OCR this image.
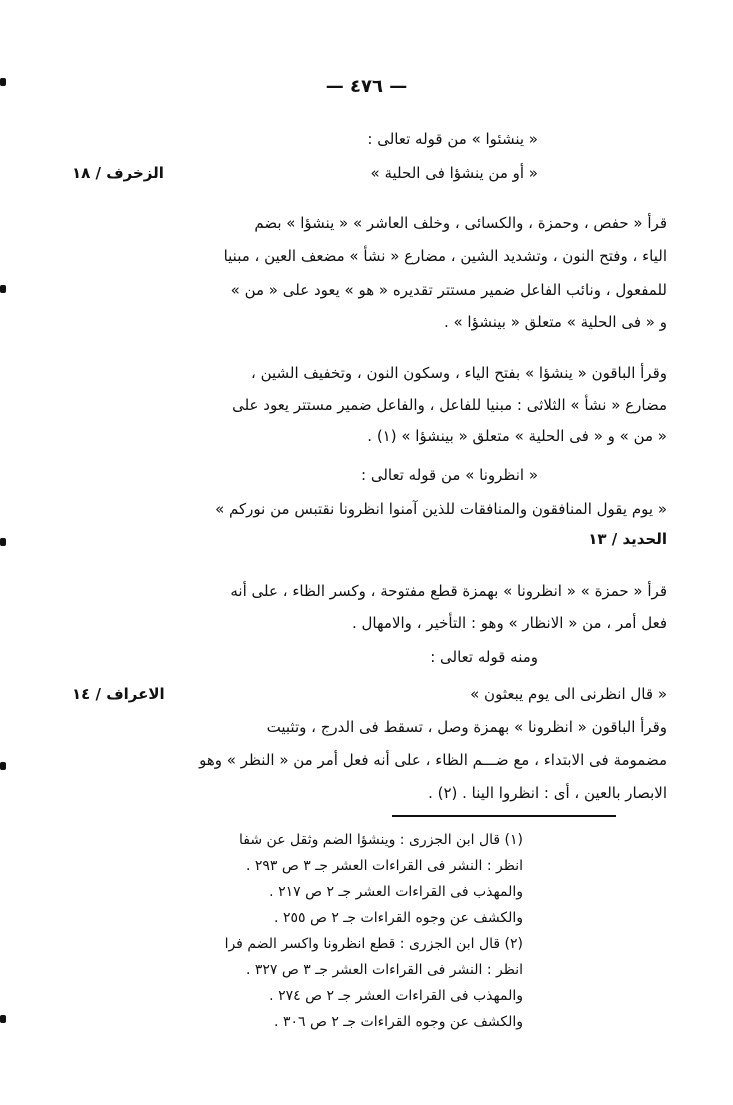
— ٤٧٦ —
« ينشئوا » من قوله تعالى :
« أو من ينشؤا فى الحلية »
الزخرف / ١٨
قرأ « حفص ، وحمزة ، والكسائى ، وخلف العاشر » « ينشؤا » بضم
الياء ، وفتح النون ، وتشديد الشين ، مضارع « نشأ » مضعف العين ، مبنيا
للمفعول ، ونائب الفاعل ضمير مستتر تقديره « هو » يعود على « من »
و « فى الحلية » متعلق « بينشؤا » .
وقرأ الباقون « ينشؤا » بفتح الياء ، وسكون النون ، وتخفيف الشين ،
مضارع « نشأ » الثلاثى : مبنيا للفاعل ، والفاعل ضمير مستتر يعود على
« من » و « فى الحلية » متعلق « بينشؤا » (١) .
« انظرونا » من قوله تعالى :
« يوم يقول المنافقون والمنافقات للذين آمنوا انظرونا نقتبس من نوركم »
الحديد / ١٣
قرأ « حمزة » « انظرونا » بهمزة قطع مفتوحة ، وكسر الظاء ، على أنه
فعل أمر ، من « الانظار » وهو : التأخير ، والامهال .
ومنه قوله تعالى :
« قال انظرنى الى يوم يبعثون »
الاعراف / ١٤
وقرأ الباقون « انظرونا » بهمزة وصل ، تسقط فى الدرج ، وتثبيت
مضمومة فى الابتداء ، مع ضـــم الظاء ، على أنه فعل أمر من « النظر » وهو
الابصار بالعين ، أى : انظروا الينا . (٢) .
(١) قال ابن الجزرى : وينشؤا الضم وثقل عن شفا
انظر : النشر فى القراءات العشر جـ ٣ ص ٢٩٣ .
والمهذب فى القراءات العشر جـ ٢ ص ٢١٧ .
والكشف عن وجوه القراءات جـ ٢ ص ٢٥٥ .
(٢) قال ابن الجزرى : قطع انظرونا واكسر الضم فرا
انظر : النشر فى القراءات العشر جـ ٣ ص ٣٢٧ .
والمهذب فى القراءات العشر جـ ٢ ص ٢٧٤ .
والكشف عن وجوه القراءات جـ ٢ ص ٣٠٦ .
